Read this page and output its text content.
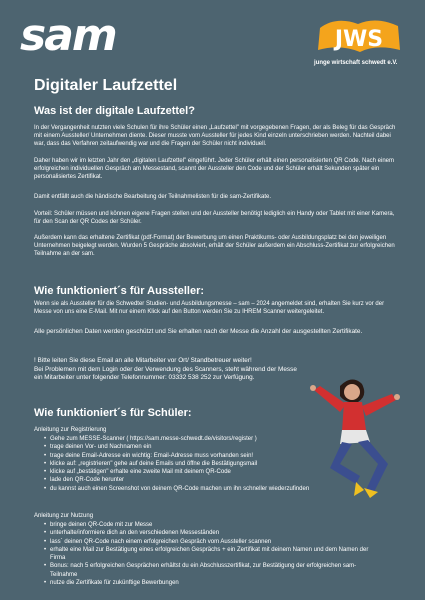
sam	JWS
junge wirtschaft schwedt e.V.
Digitaler Laufzettel
Was ist der digitale Laufzettel?

In der Vergangenheit nutzten viele Schulen für ihre Schüler einen „Laufzettel" mit vorgegebenen Fragen, der als Beleg für das Gespräch mit einem Aussteller/ Unternehmen diente. Dieser musste vom Aussteller für jedes Kind einzeln unterschrieben werden. Nachteil dabei war, dass das Verfahren zeitaufwendig war und die Fragen der Schüler nicht individuell.

Daher haben wir im letzten Jahr den „digitalen Laufzettel" eingeführt. Jeder Schüler erhält einen personalisierten QR Code. Nach einem erfolgreichen individuellen Gespräch am Messestand, scannt der Aussteller den Code und der Schüler erhält Sekunden später ein personalisiertes Zertifikat.

Damit entfällt auch die händische Bearbeitung der Teilnahmelisten für die sam-Zertifikate.

Vorteil: Schüler müssen und können eigene Fragen stellen und der Aussteller benötigt lediglich ein Handy oder Tablet mit einer Kamera, für den Scan der QR Codes der Schüler.

Außerdem kann das erhaltene Zertifikat (pdf-Format) der Bewerbung um einen Praktikums- oder Ausbildungsplatz bei den jeweiligen Unternehmen beigelegt werden. Wurden 5 Gespräche absolviert, erhält der Schüler außerdem ein Abschluss-Zertifikat zur erfolgreichen Teilnahme an der sam.

Wie funktioniert´s für Aussteller:

Wenn sie als Aussteller für die Schwedter Studien- und Ausbildungsmesse – sam – 2024 angemeldet sind, erhalten Sie kurz vor der Messe von uns eine E-Mail. Mit nur einem Klick auf den Button werden Sie zu IHREM Scanner weitergeleitet.

Alle persönlichen Daten werden geschützt und Sie erhalten nach der Messe die Anzahl der ausgestellten Zertifikate.

! Bitte leiten Sie diese Email an alle Mitarbeiter vor Ort/ Standbetreuer weiter!
Bei Problemen mit dem Login oder der Verwendung des Scanners, steht während der Messe ein Mitarbeiter unter folgender Telefonnummer: 03332 538 252 zur Verfügung.

Wie funktioniert´s für Schüler:
Anleitung zur Registrierung
• Gehe zum MESSE-Scanner ( https://sam.messe-schwedt.de/visitors/register )
• trage deinen Vor- und Nachnamen ein
• trage deine Email-Adresse ein wichtig: Email-Adresse muss vorhanden sein!
• klicke auf: „registrieren" gehe auf deine Emails und öffne die Bestätigungsmail
• klicke auf „bestätigen" erhalte eine zweite Mail mit deinem QR-Code
• lade den QR-Code herunter
• du kannst auch einen Screenshot von deinem QR-Code machen um ihn schneller wiederzufinden
Anleitung zur Nutzung
• bringe deinen QR-Code mit zur Messe
• unterhalte/informiere dich an den verschiedenen Messeständen
• lass´ deinen QR-Code nach einem erfolgreichen Gespräch vom Aussteller scannen
• erhalte eine Mail zur Bestätigung eines erfolgreichen Gesprächs + ein Zertifikat mit deinem Namen und dem Namen der Firma
• Bonus: nach 5 erfolgreichen Gesprächen erhältst du ein Abschlusszertifikat, zur Bestätigung der erfolgreichen sam-Teilnahme
• nutze die Zertifikate für zukünftige Bewerbungen
